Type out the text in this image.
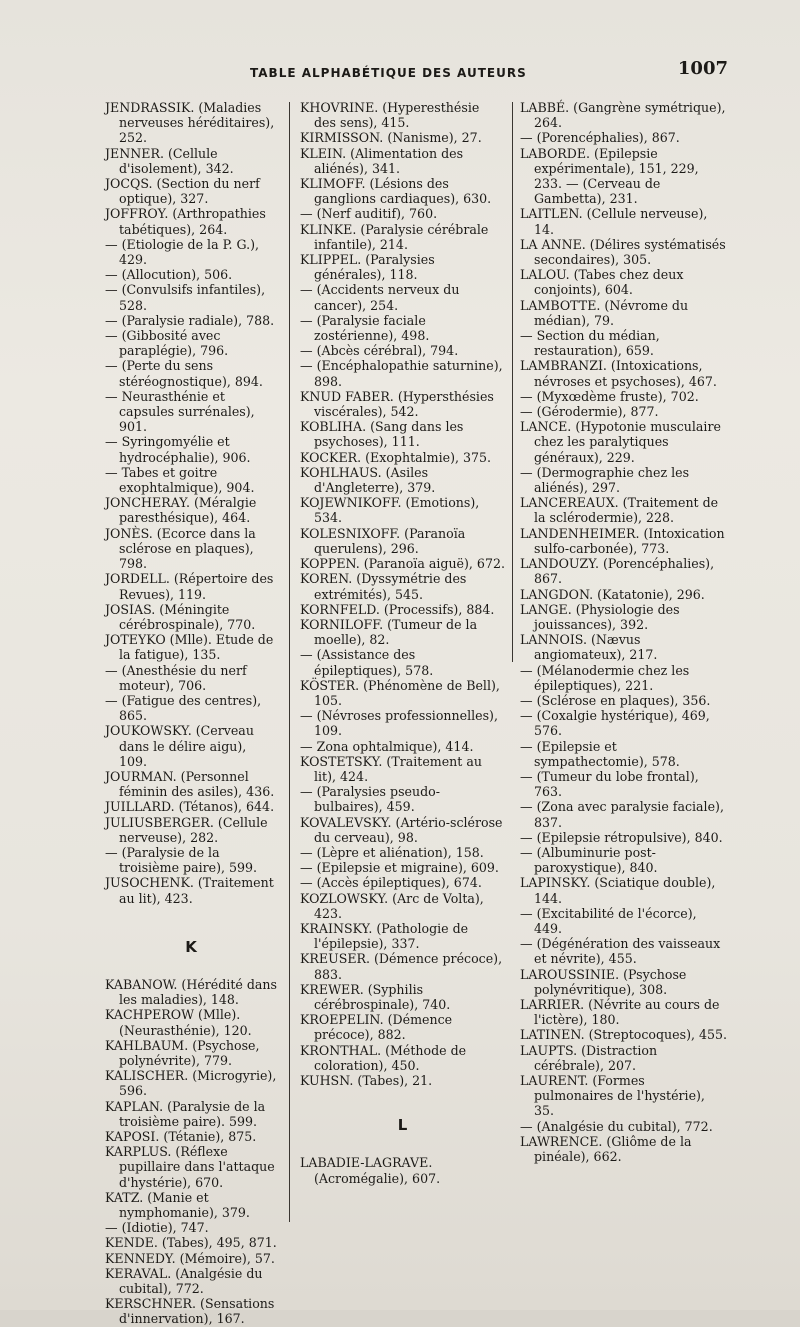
TABLE ALPHABÉTIQUE DES AUTEURS	1007

JENDRASSIK. (Maladies nerveuses héréditaires), 252.

JENNER. (Cellule d'isolement), 342.

JOCQS. (Section du nerf optique), 327.

JOFFROY. (Arthropathies tabétiques), 264.

— (Etiologie de la P. G.), 429.

— (Allocution), 506.

— (Convulsifs infantiles), 528.

— (Paralysie radiale), 788.

— (Gibbosité avec paraplégie), 796.

— (Perte du sens stéréognostique), 894.

— Neurasthénie et capsules surrénales), 901.

— Syringomyélie et hydrocéphalie), 906.

— Tabes et goitre exophtalmique), 904.

JONCHERAY. (Méralgie paresthésique), 464.

JONÈS. (Ecorce dans la sclérose en plaques), 798.

JORDELL. (Répertoire des Revues), 119.

JOSIAS. (Méningite cérébrospinale), 770.

JOTEYKO (Mlle). Etude de la fatigue), 135.

— (Anesthésie du nerf moteur), 706.

— (Fatigue des centres), 865.

JOUKOWSKY. (Cerveau dans le délire aigu), 109.

JOURMAN. (Personnel féminin des asiles), 436.

JUILLARD. (Tétanos), 644.

JULIUSBERGER. (Cellule nerveuse), 282.

— (Paralysie de la troisième paire), 599.

JUSOCHENK. (Traitement au lit), 423.

K

KABANOW. (Hérédité dans les maladies), 148.

KACHPEROW (Mlle). (Neurasthénie), 120.

KAHLBAUM. (Psychose, polynévrite), 779.

KALISCHER. (Microgyrie), 596.

KAPLAN. (Paralysie de la troisième paire). 599.

KAPOSI. (Tétanie), 875.

KARPLUS. (Réflexe pupillaire dans l'attaque d'hystérie), 670.

KATZ. (Manie et nymphomanie), 379.

— (Idiotie), 747.

KENDE. (Tabes), 495, 871.

KENNEDY. (Mémoire), 57.

KERAVAL. (Analgésie du cubital), 772.

KERSCHNER. (Sensations d'innervation), 167.

KHOVRINE. (Hyperesthésie des sens), 415.

KIRMISSON. (Nanisme), 27.

KLEIN. (Alimentation des aliénés), 341.

KLIMOFF. (Lésions des ganglions cardiaques), 630.

— (Nerf auditif), 760.

KLINKE. (Paralysie cérébrale infantile), 214.

KLIPPEL. (Paralysies générales), 118.

— (Accidents nerveux du cancer), 254.

— (Paralysie faciale zostérienne), 498.

— (Abcès cérébral), 794.

— (Encéphalopathie saturnine), 898.

KNUD FABER. (Hypersthésies viscérales), 542.

KOBLIHA. (Sang dans les psychoses), 111.

KOCKER. (Exophtalmie), 375.

KOHLHAUS. (Asiles d'Angleterre), 379.

KOJEWNIKOFF. (Emotions), 534.

KOLESNIXOFF. (Paranoïa querulens), 296.

KOPPEN. (Paranoïa aiguë), 672.

KOREN. (Dyssymétrie des extrémités), 545.

KORNFELD. (Processifs), 884.

KORNILOFF. (Tumeur de la moelle), 82.

— (Assistance des épileptiques), 578.

KÖSTER. (Phénomène de Bell), 105.

— (Névroses professionnelles), 109.

— Zona ophtalmique), 414.

KOSTETSKY. (Traitement au lit), 424.

— (Paralysies pseudo-bulbaires), 459.

KOVALEVSKY. (Artério-sclérose du cerveau), 98.

— (Lèpre et aliénation), 158.

— (Epilepsie et migraine), 609.

— (Accès épileptiques), 674.

KOZLOWSKY. (Arc de Volta), 423.

KRAINSKY. (Pathologie de l'épilepsie), 337.

KREUSER. (Démence précoce), 883.

KREWER. (Syphilis cérébrospinale), 740.

KROEPELIN. (Démence précoce), 882.

KRONTHAL. (Méthode de coloration), 450.

KUHSN. (Tabes), 21.

L

LABADIE-LAGRAVE. (Acromégalie), 607.

LABBÉ. (Gangrène symétrique), 264.

— (Porencéphalies), 867.

LABORDE. (Epilepsie expérimentale), 151, 229, 233. — (Cerveau de Gambetta), 231.

LAITLEN. (Cellule nerveuse), 14.

LA ANNE. (Délires systématisés secondaires), 305.

LALOU. (Tabes chez deux conjoints), 604.

LAMBOTTE. (Névrome du médian), 79.

— Section du médian, restauration), 659.

LAMBRANZI. (Intoxications, névroses et psychoses), 467.

— (Myxœdème fruste), 702.

— (Gérodermie), 877.

LANCE. (Hypotonie musculaire chez les paralytiques généraux), 229.

— (Dermographie chez les aliénés), 297.

LANCEREAUX. (Traitement de la sclérodermie), 228.

LANDENHEIMER. (Intoxication sulfo-carbonée), 773.

LANDOUZY. (Porencéphalies), 867.

LANGDON. (Katatonie), 296.

LANGE. (Physiologie des jouissances), 392.

LANNOIS. (Nævus angiomateux), 217.

— (Mélanodermie chez les épileptiques), 221.

— (Sclérose en plaques), 356.

— (Coxalgie hystérique), 469, 576.

— (Epilepsie et sympathectomie), 578.

— (Tumeur du lobe frontal), 763.

— (Zona avec paralysie faciale), 837.

— (Epilepsie rétropulsive), 840.

— (Albuminurie post-paroxystique), 840.

LAPINSKY. (Sciatique double), 144.

— (Excitabilité de l'écorce), 449.

— (Dégénération des vaisseaux et névrite), 455.

LAROUSSINIE. (Psychose polynévritique), 308.

LARRIER. (Névrite au cours de l'ictère), 180.

LATINEN. (Streptocoques), 455.

LAUPTS. (Distraction cérébrale), 207.

LAURENT. (Formes pulmonaires de l'hystérie), 35.

— (Analgésie du cubital), 772.

LAWRENCE. (Gliôme de la pinéale), 662.
